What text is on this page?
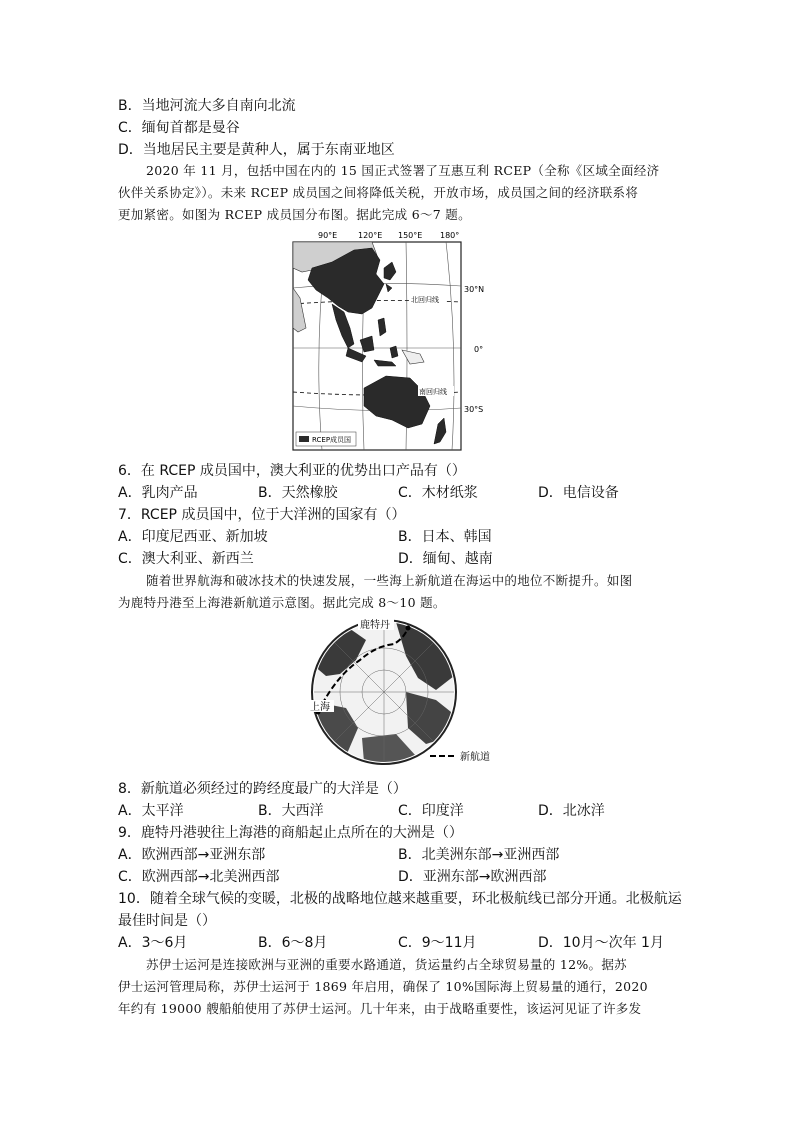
B．当地河流大多自南向北流
C．缅甸首都是曼谷
D．当地居民主要是黄种人，属于东南亚地区

2020 年 11 月，包括中国在内的 15 国正式签署了互惠互利 RCEP（全称《区域全面经济

伙伴关系协定》）。未来 RCEP 成员国之间将降低关税，开放市场，成员国之间的经济联系将

更加紧密。如图为 RCEP 成员国分布图。据此完成 6～7 题。

90°E	120°E 150°E 180°
北回归线
南回归线
30°N
0°
30°S
RCEP成员国
6．在 RCEP 成员国中，澳大利亚的优势出口产品有（）
A．乳肉产品	B．天然橡胶	C．木材纸浆	D．电信设备
7．RCEP 成员国中，位于大洋洲的国家有（）
A．印度尼西亚、新加坡	B．日本、韩国
C．澳大利亚、新西兰	D．缅甸、越南

随着世界航海和破冰技术的快速发展，一些海上新航道在海运中的地位不断提升。如图

为鹿特丹港至上海港新航道示意图。据此完成 8～10 题。

鹿特丹
上海
新航道
8．新航道必须经过的跨经度最广的大洋是（）
A．太平洋	B．大西洋	C．印度洋	D．北冰洋
9．鹿特丹港驶往上海港的商船起止点所在的大洲是（）
A．欧洲西部→亚洲东部	B．北美洲东部→亚洲西部
C．欧洲西部→北美洲西部	D．亚洲东部→欧洲西部
10．随着全球气候的变暖，北极的战略地位越来越重要，环北极航线已部分开通。北极航运
最佳时间是（）
A．3～6月	B．6～8月	C．9～11月	D．10月～次年 1月

苏伊士运河是连接欧洲与亚洲的重要水路通道，货运量约占全球贸易量的 12%。据苏

伊士运河管理局称，苏伊士运河于 1869 年启用，确保了 10%国际海上贸易量的通行，2020

年约有 19000 艘船舶使用了苏伊士运河。几十年来，由于战略重要性，该运河见证了许多发
